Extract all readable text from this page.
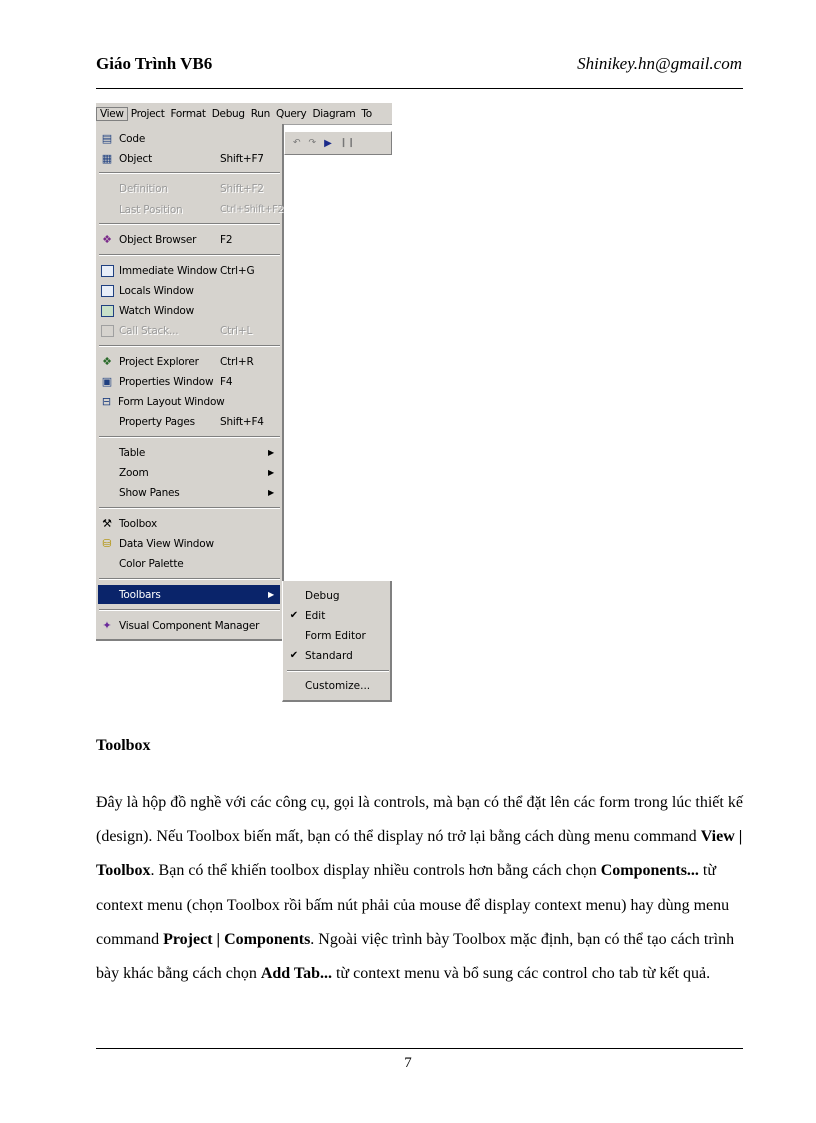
Giáo Trình VB6	Shinikey.hn@gmail.com
View Project Format Debug Run Query Diagram To
↶ ↷ ▶ ❙❙
▤ Code
▦ Object	Shift+F7
Definition	Shift+F2
Last Position	Ctrl+Shift+F2
❖ Object Browser	F2
Immediate Window Ctrl+G
Locals Window
Watch Window
Call Stack...	Ctrl+L
❖ Project Explorer	Ctrl+R
▣ Properties Window F4
⊟ Form Layout Window
Property Pages	Shift+F4
Table	▶
Zoom	▶
Show Panes	▶
⚒ Toolbox
⛁ Data View Window
Color Palette
Toolbars	▶
✦ Visual Component Manager
Debug
✔ Edit
Form Editor
✔ Standard
Customize...
Toolbox
Đây là hộp đồ nghề với các công cụ, gọi là controls, mà bạn có thể đặt lên các form trong lúc thiết kế (design). Nếu Toolbox biến mất, bạn có thể display nó trở lại bằng cách dùng menu command View | Toolbox. Bạn có thể khiến toolbox display nhiều controls hơn bằng cách chọn Components... từ context menu (chọn Toolbox rồi bấm nút phải của mouse để display context menu) hay dùng menu command Project | Components. Ngoài việc trình bày Toolbox mặc định, bạn có thể tạo cách trình bày khác bằng cách chọn Add Tab... từ context menu và bổ sung các control cho tab từ kết quả.
7
